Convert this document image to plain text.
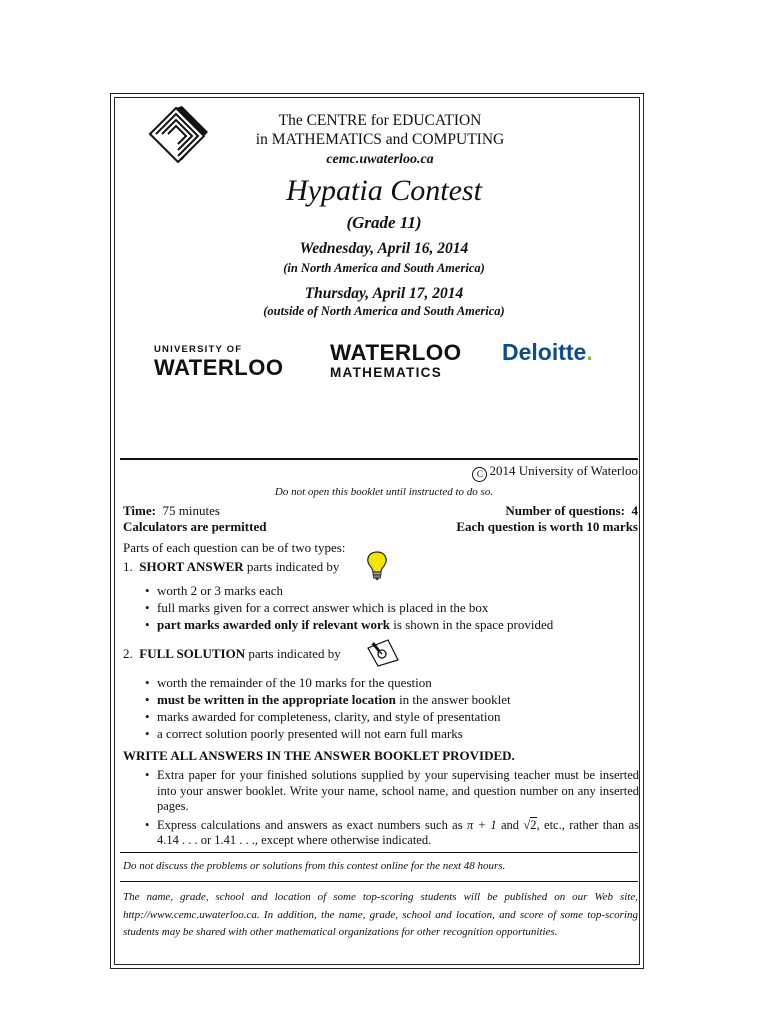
The CENTRE for EDUCATION
in MATHEMATICS and COMPUTING
cemc.uwaterloo.ca
Hypatia Contest
(Grade 11)
Wednesday, April 16, 2014
(in North America and South America)
Thursday, April 17, 2014
(outside of North America and South America)
UNIVERSITY OF
WATERLOO
WATERLOO
MATHEMATICS
Deloitte.
C 2014 University of Waterloo
Do not open this booklet until instructed to do so.
Time: 75 minutes
Calculators are permitted
Number of questions: 4
Each question is worth 10 marks
Parts of each question can be of two types:
1. SHORT ANSWER parts indicated by
• worth 2 or 3 marks each
• full marks given for a correct answer which is placed in the box
• part marks awarded only if relevant work is shown in the space provided
2. FULL SOLUTION parts indicated by
• worth the remainder of the 10 marks for the question
• must be written in the appropriate location in the answer booklet
• marks awarded for completeness, clarity, and style of presentation
• a correct solution poorly presented will not earn full marks
WRITE ALL ANSWERS IN THE ANSWER BOOKLET PROVIDED.
• Extra paper for your finished solutions supplied by your supervising teacher must be inserted into your answer booklet. Write your name, school name, and question number on any inserted pages.
• Express calculations and answers as exact numbers such as π + 1 and √2, etc., rather than as 4.14 . . . or 1.41 . . ., except where otherwise indicated.
Do not discuss the problems or solutions from this contest online for the next 48 hours.
The name, grade, school and location of some top-scoring students will be published on our Web site, http://www.cemc.uwaterloo.ca. In addition, the name, grade, school and location, and score of some top-scoring students may be shared with other mathematical organizations for other recognition opportunities.
